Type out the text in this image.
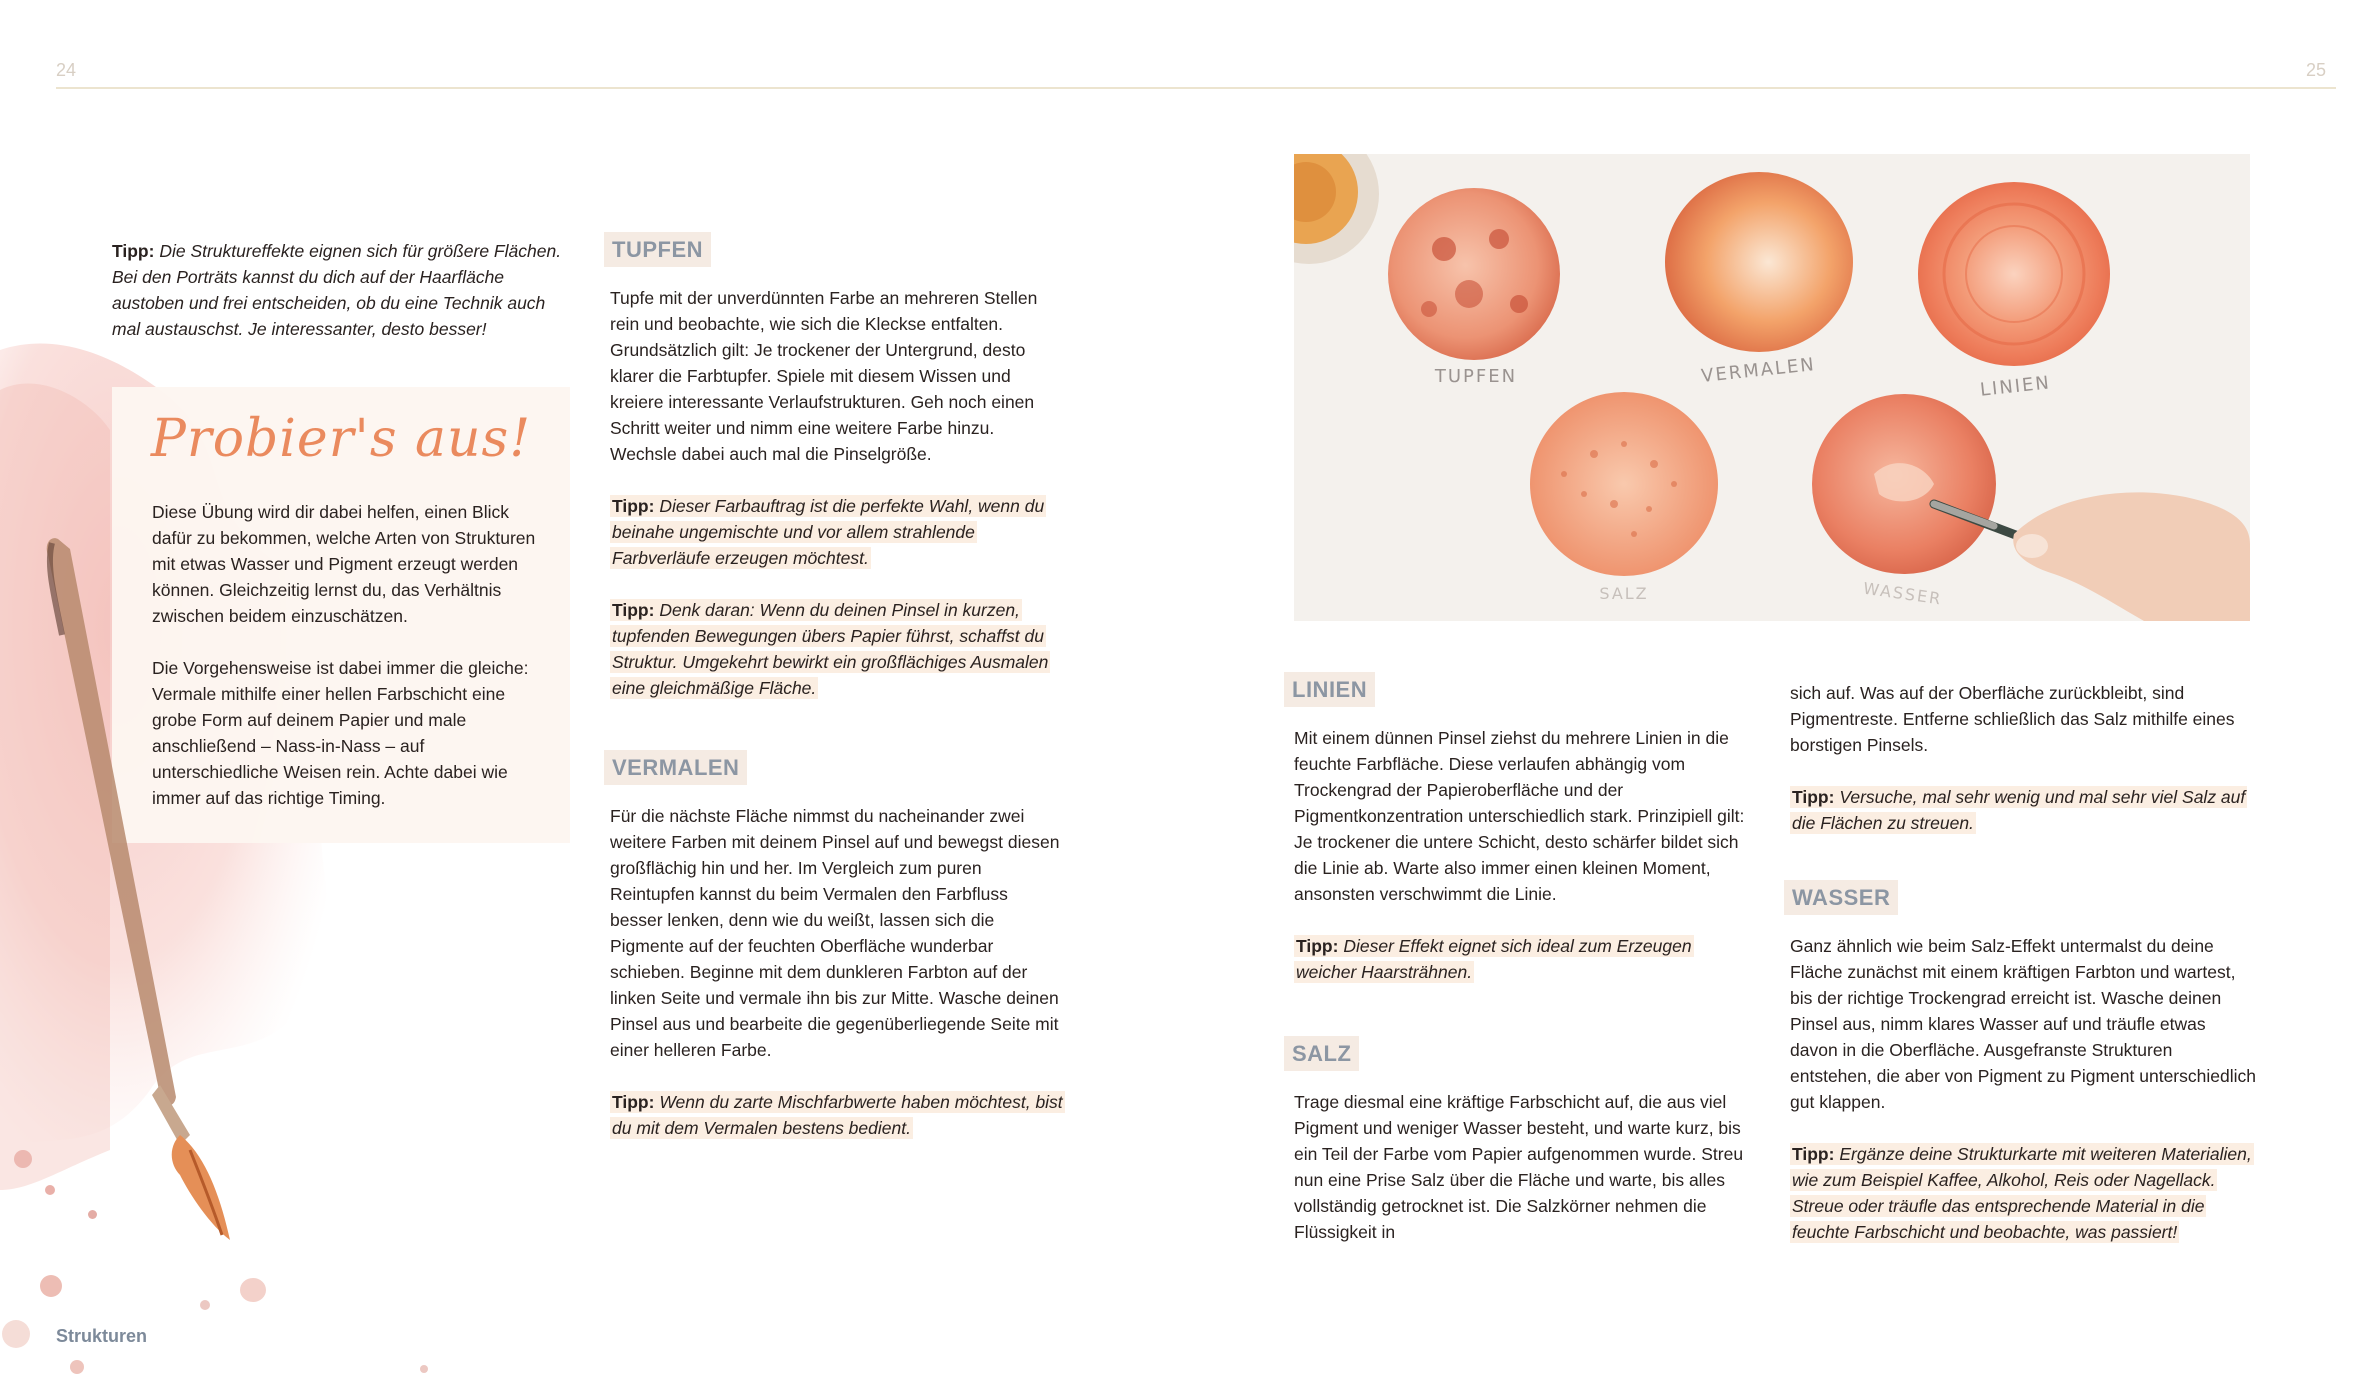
24	25
Tipp: Die Struktureffekte eignen sich für größere Flächen. Bei den Porträts kannst du dich auf der Haarfläche austoben und frei entscheiden, ob du eine Technik auch mal austauschst. Je interessanter, desto besser!
Probier's aus!

Diese Übung wird dir dabei helfen, einen Blick dafür zu bekommen, welche Arten von Strukturen mit etwas Wasser und Pigment erzeugt werden können. Gleichzeitig lernst du, das Verhältnis zwischen beidem einzuschätzen.

Die Vorgehensweise ist dabei immer die gleiche: Vermale mithilfe einer hellen Farbschicht eine grobe Form auf deinem Papier und male anschließend – Nass-in-Nass – auf unterschiedliche Weisen rein. Achte dabei wie immer auf das richtige Timing.

TUPFEN

Tupfe mit der unverdünnten Farbe an mehreren Stellen rein und beobachte, wie sich die Kleckse entfalten. Grundsätzlich gilt: Je trockener der Untergrund, desto klarer die Farbtupfer. Spiele mit diesem Wissen und kreiere interessante Verlaufstrukturen. Geh noch einen Schritt weiter und nimm eine weitere Farbe hinzu. Wechsle dabei auch mal die Pinselgröße.

Tipp: Dieser Farbauftrag ist die perfekte Wahl, wenn du beinahe ungemischte und vor allem strahlende Farbverläufe erzeugen möchtest.

Tipp: Denk daran: Wenn du deinen Pinsel in kurzen, tupfenden Bewegungen übers Papier führst, schaffst du Struktur. Umgekehrt bewirkt ein großflächiges Ausmalen eine gleichmäßige Fläche.

VERMALEN

Für die nächste Fläche nimmst du nacheinander zwei weitere Farben mit deinem Pinsel auf und bewegst diesen großflächig hin und her. Im Vergleich zum puren Reintupfen kannst du beim Vermalen den Farbfluss besser lenken, denn wie du weißt, lassen sich die Pigmente auf der feuchten Oberfläche wunderbar schieben. Beginne mit dem dunkleren Farbton auf der linken Seite und vermale ihn bis zur Mitte. Wasche deinen Pinsel aus und bearbeite die gegenüberliegende Seite mit einer helleren Farbe.

Tipp: Wenn du zarte Mischfarbwerte haben möchtest, bist du mit dem Vermalen bestens bedient.

TUPFEN	VERMALEN	LINIEN
SALZ	WASSER
LINIEN

Mit einem dünnen Pinsel ziehst du mehrere Linien in die feuchte Farbfläche. Diese verlaufen abhängig vom Trockengrad der Papieroberfläche und der Pigmentkonzentration unterschiedlich stark. Prinzipiell gilt: Je trockener die untere Schicht, desto schärfer bildet sich die Linie ab. Warte also immer einen kleinen Moment, ansonsten verschwimmt die Linie.

Tipp: Dieser Effekt eignet sich ideal zum Erzeugen weicher Haarsträhnen.

SALZ

Trage diesmal eine kräftige Farbschicht auf, die aus viel Pigment und weniger Wasser besteht, und warte kurz, bis ein Teil der Farbe vom Papier aufgenommen wurde. Streu nun eine Prise Salz über die Fläche und warte, bis alles vollständig getrocknet ist. Die Salzkörner nehmen die Flüssigkeit in

sich auf. Was auf der Oberfläche zurückbleibt, sind Pigmentreste. Entferne schließlich das Salz mithilfe eines borstigen Pinsels.

Tipp: Versuche, mal sehr wenig und mal sehr viel Salz auf die Flächen zu streuen.

WASSER

Ganz ähnlich wie beim Salz-Effekt untermalst du deine Fläche zunächst mit einem kräftigen Farbton und wartest, bis der richtige Trockengrad erreicht ist. Wasche deinen Pinsel aus, nimm klares Wasser auf und träufle etwas davon in die Oberfläche. Ausgefranste Strukturen entstehen, die aber von Pigment zu Pigment unterschiedlich gut klappen.

Tipp: Ergänze deine Strukturkarte mit weiteren Materialien, wie zum Beispiel Kaffee, Alkohol, Reis oder Nagellack. Streue oder träufle das entsprechende Material in die feuchte Farbschicht und beobachte, was passiert!

Strukturen
